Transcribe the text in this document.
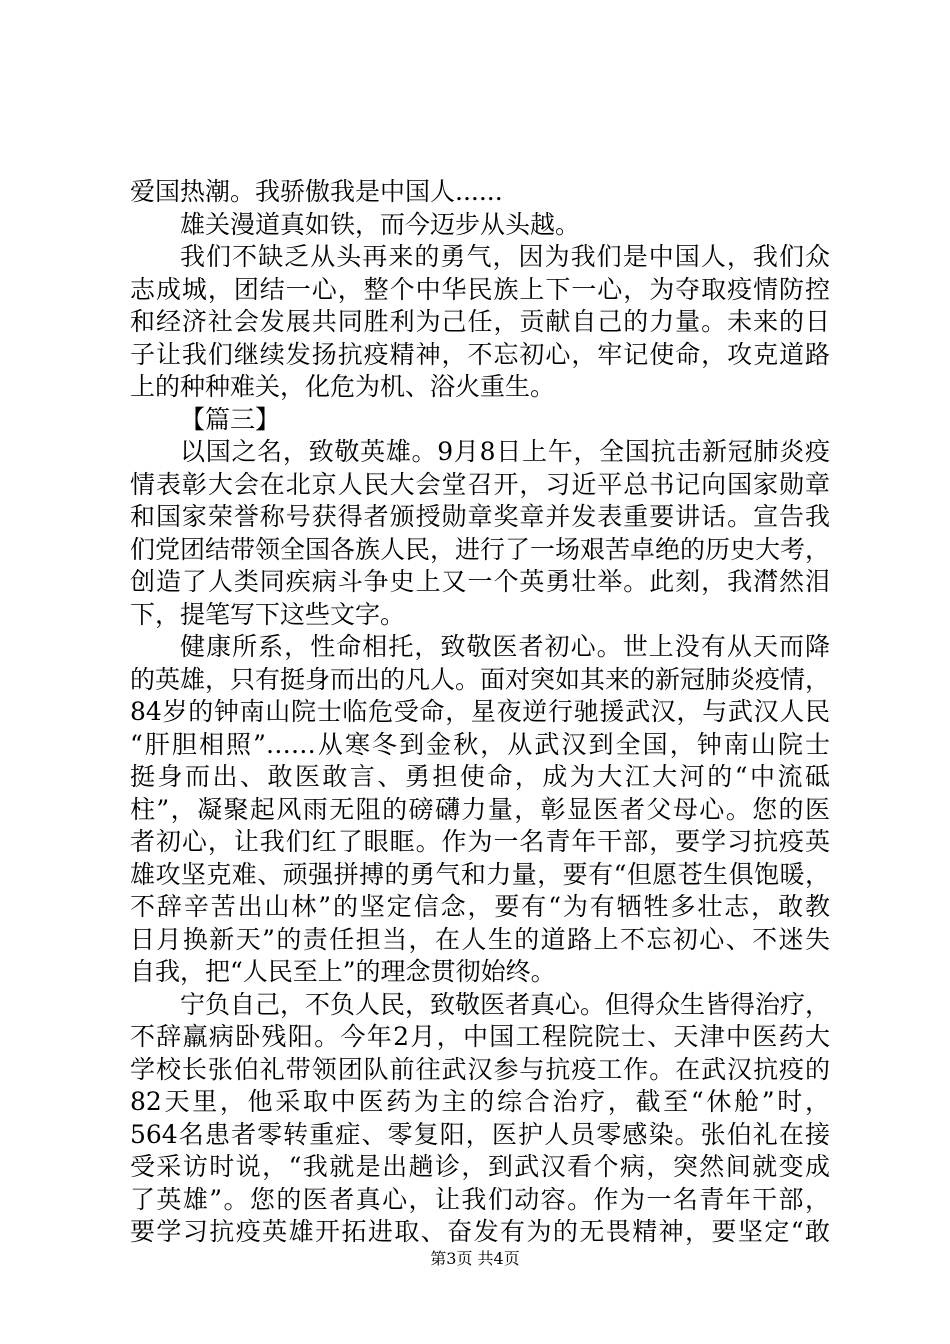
爱国热潮。我骄傲我是中国人......
雄关漫道真如铁，而今迈步从头越。
我们不缺乏从头再来的勇气，因为我们是中国人，我们众
志成城，团结一心，整个中华民族上下一心，为夺取疫情防控
和经济社会发展共同胜利为己任，贡献自己的力量。未来的日
子让我们继续发扬抗疫精神，不忘初心，牢记使命，攻克道路
上的种种难关，化危为机、浴火重生。
【篇三】
以国之名，致敬英雄。9月8日上午，全国抗击新冠肺炎疫
情表彰大会在北京人民大会堂召开，习近平总书记向国家勋章
和国家荣誉称号获得者颁授勋章奖章并发表重要讲话。宣告我
们党团结带领全国各族人民，进行了一场艰苦卓绝的历史大考，
创造了人类同疾病斗争史上又一个英勇壮举。此刻，我潸然泪
下，提笔写下这些文字。
健康所系，性命相托，致敬医者初心。世上没有从天而降
的英雄，只有挺身而出的凡人。面对突如其来的新冠肺炎疫情，
84岁的钟南山院士临危受命，星夜逆行驰援武汉，与武汉人民
“肝胆相照”……从寒冬到金秋，从武汉到全国，钟南山院士
挺身而出、敢医敢言、勇担使命，成为大江大河的“中流砥
柱”，凝聚起风雨无阻的磅礴力量，彰显医者父母心。您的医
者初心，让我们红了眼眶。作为一名青年干部，要学习抗疫英
雄攻坚克难、顽强拼搏的勇气和力量，要有“但愿苍生俱饱暖，
不辞辛苦出山林”的坚定信念，要有“为有牺牲多壮志，敢教
日月换新天”的责任担当，在人生的道路上不忘初心、不迷失
自我，把“人民至上”的理念贯彻始终。
宁负自己，不负人民，致敬医者真心。但得众生皆得治疗，
不辞羸病卧残阳。今年2月，中国工程院院士、天津中医药大
学校长张伯礼带领团队前往武汉参与抗疫工作。在武汉抗疫的
82天里，他采取中医药为主的综合治疗，截至“休舱”时，
564名患者零转重症、零复阳，医护人员零感染。张伯礼在接
受采访时说，“我就是出趟诊，到武汉看个病，突然间就变成
了英雄”。您的医者真心，让我们动容。作为一名青年干部，
要学习抗疫英雄开拓进取、奋发有为的无畏精神，要坚定“敢
第3页 共4页
